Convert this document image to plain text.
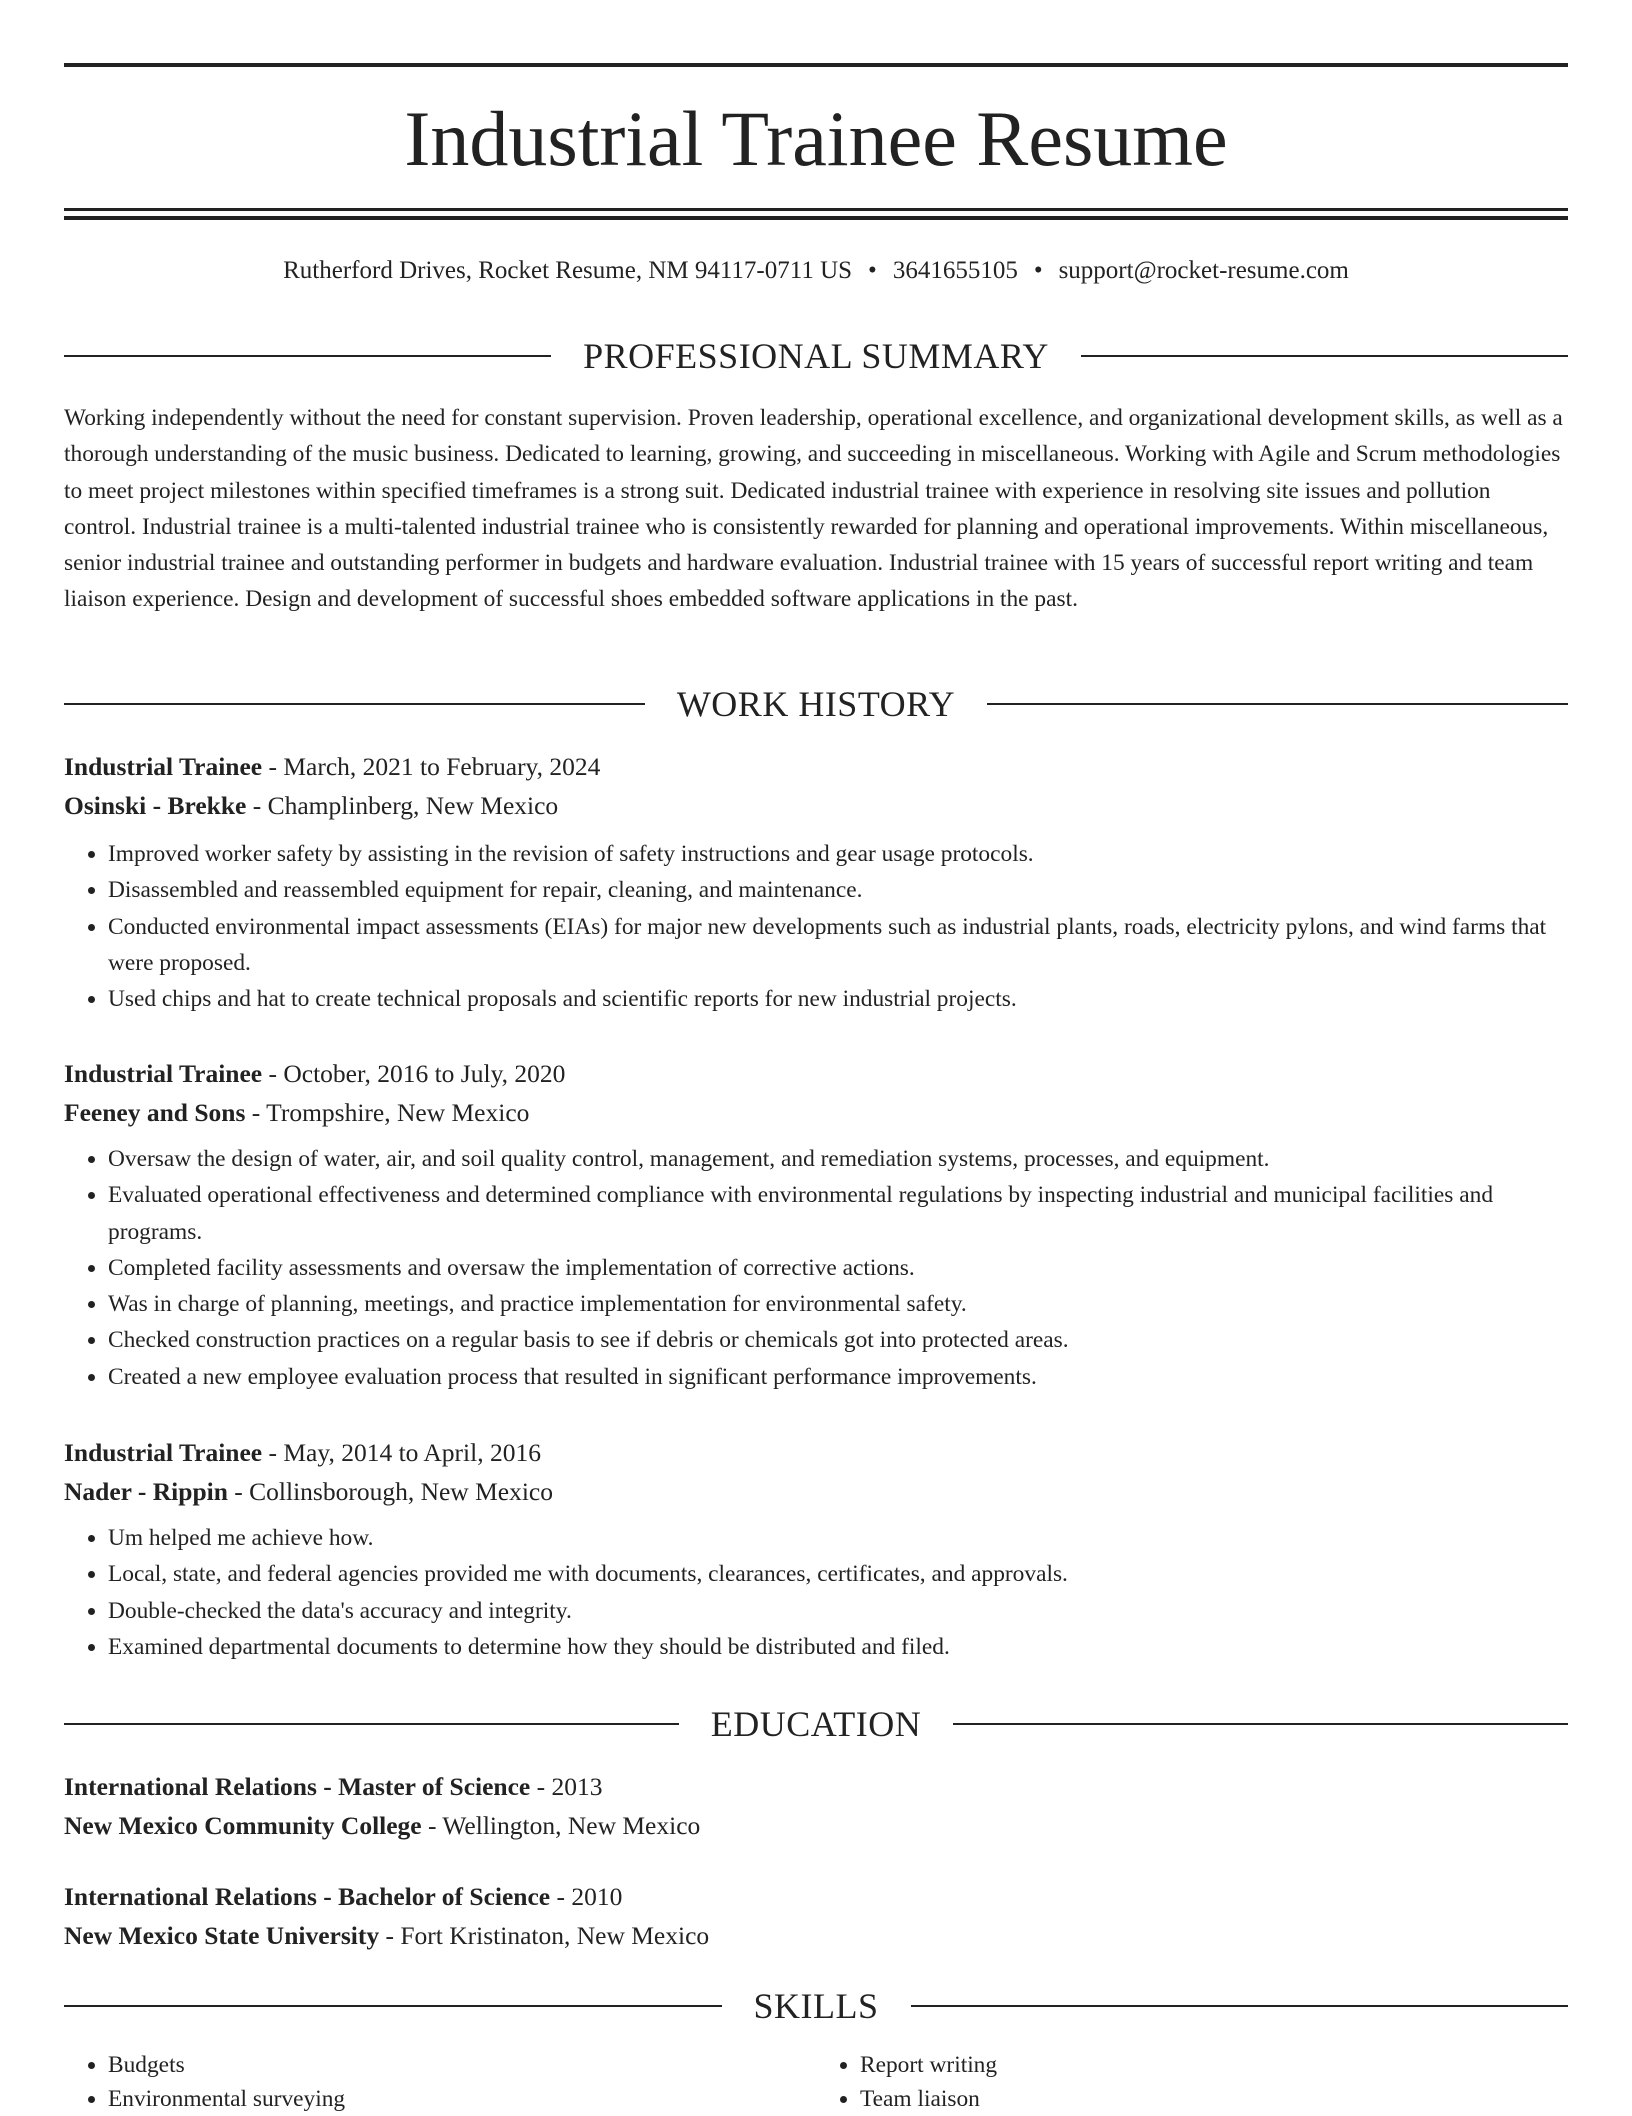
Industrial Trainee Resume
Rutherford Drives, Rocket Resume, NM 94117-0711 US • 3641655105 • support@rocket-resume.com
PROFESSIONAL SUMMARY

Working independently without the need for constant supervision. Proven leadership, operational excellence, and organizational development skills, as well as a thorough understanding of the music business. Dedicated to learning, growing, and succeeding in miscellaneous. Working with Agile and Scrum methodologies to meet project milestones within specified timeframes is a strong suit. Dedicated industrial trainee with experience in resolving site issues and pollution control. Industrial trainee is a multi-talented industrial trainee who is consistently rewarded for planning and operational improvements. Within miscellaneous, senior industrial trainee and outstanding performer in budgets and hardware evaluation. Industrial trainee with 15 years of successful report writing and team liaison experience. Design and development of successful shoes embedded software applications in the past.

WORK HISTORY
Industrial Trainee - March, 2021 to February, 2024
Osinski - Brekke - Champlinberg, New Mexico
• Improved worker safety by assisting in the revision of safety instructions and gear usage protocols.
• Disassembled and reassembled equipment for repair, cleaning, and maintenance.
• Conducted environmental impact assessments (EIAs) for major new developments such as industrial plants, roads, electricity pylons, and wind farms that were proposed.
• Used chips and hat to create technical proposals and scientific reports for new industrial projects.
Industrial Trainee - October, 2016 to July, 2020
Feeney and Sons - Trompshire, New Mexico
• Oversaw the design of water, air, and soil quality control, management, and remediation systems, processes, and equipment.
• Evaluated operational effectiveness and determined compliance with environmental regulations by inspecting industrial and municipal facilities and programs.
• Completed facility assessments and oversaw the implementation of corrective actions.
• Was in charge of planning, meetings, and practice implementation for environmental safety.
• Checked construction practices on a regular basis to see if debris or chemicals got into protected areas.
• Created a new employee evaluation process that resulted in significant performance improvements.
Industrial Trainee - May, 2014 to April, 2016
Nader - Rippin - Collinsborough, New Mexico
• Um helped me achieve how.
• Local, state, and federal agencies provided me with documents, clearances, certificates, and approvals.
• Double-checked the data's accuracy and integrity.
• Examined departmental documents to determine how they should be distributed and filed.
EDUCATION
International Relations - Master of Science - 2013
New Mexico Community College - Wellington, New Mexico
International Relations - Bachelor of Science - 2010
New Mexico State University - Fort Kristinaton, New Mexico
SKILLS
• Budgets
• Environmental surveying
• Report writing
• Team liaison
